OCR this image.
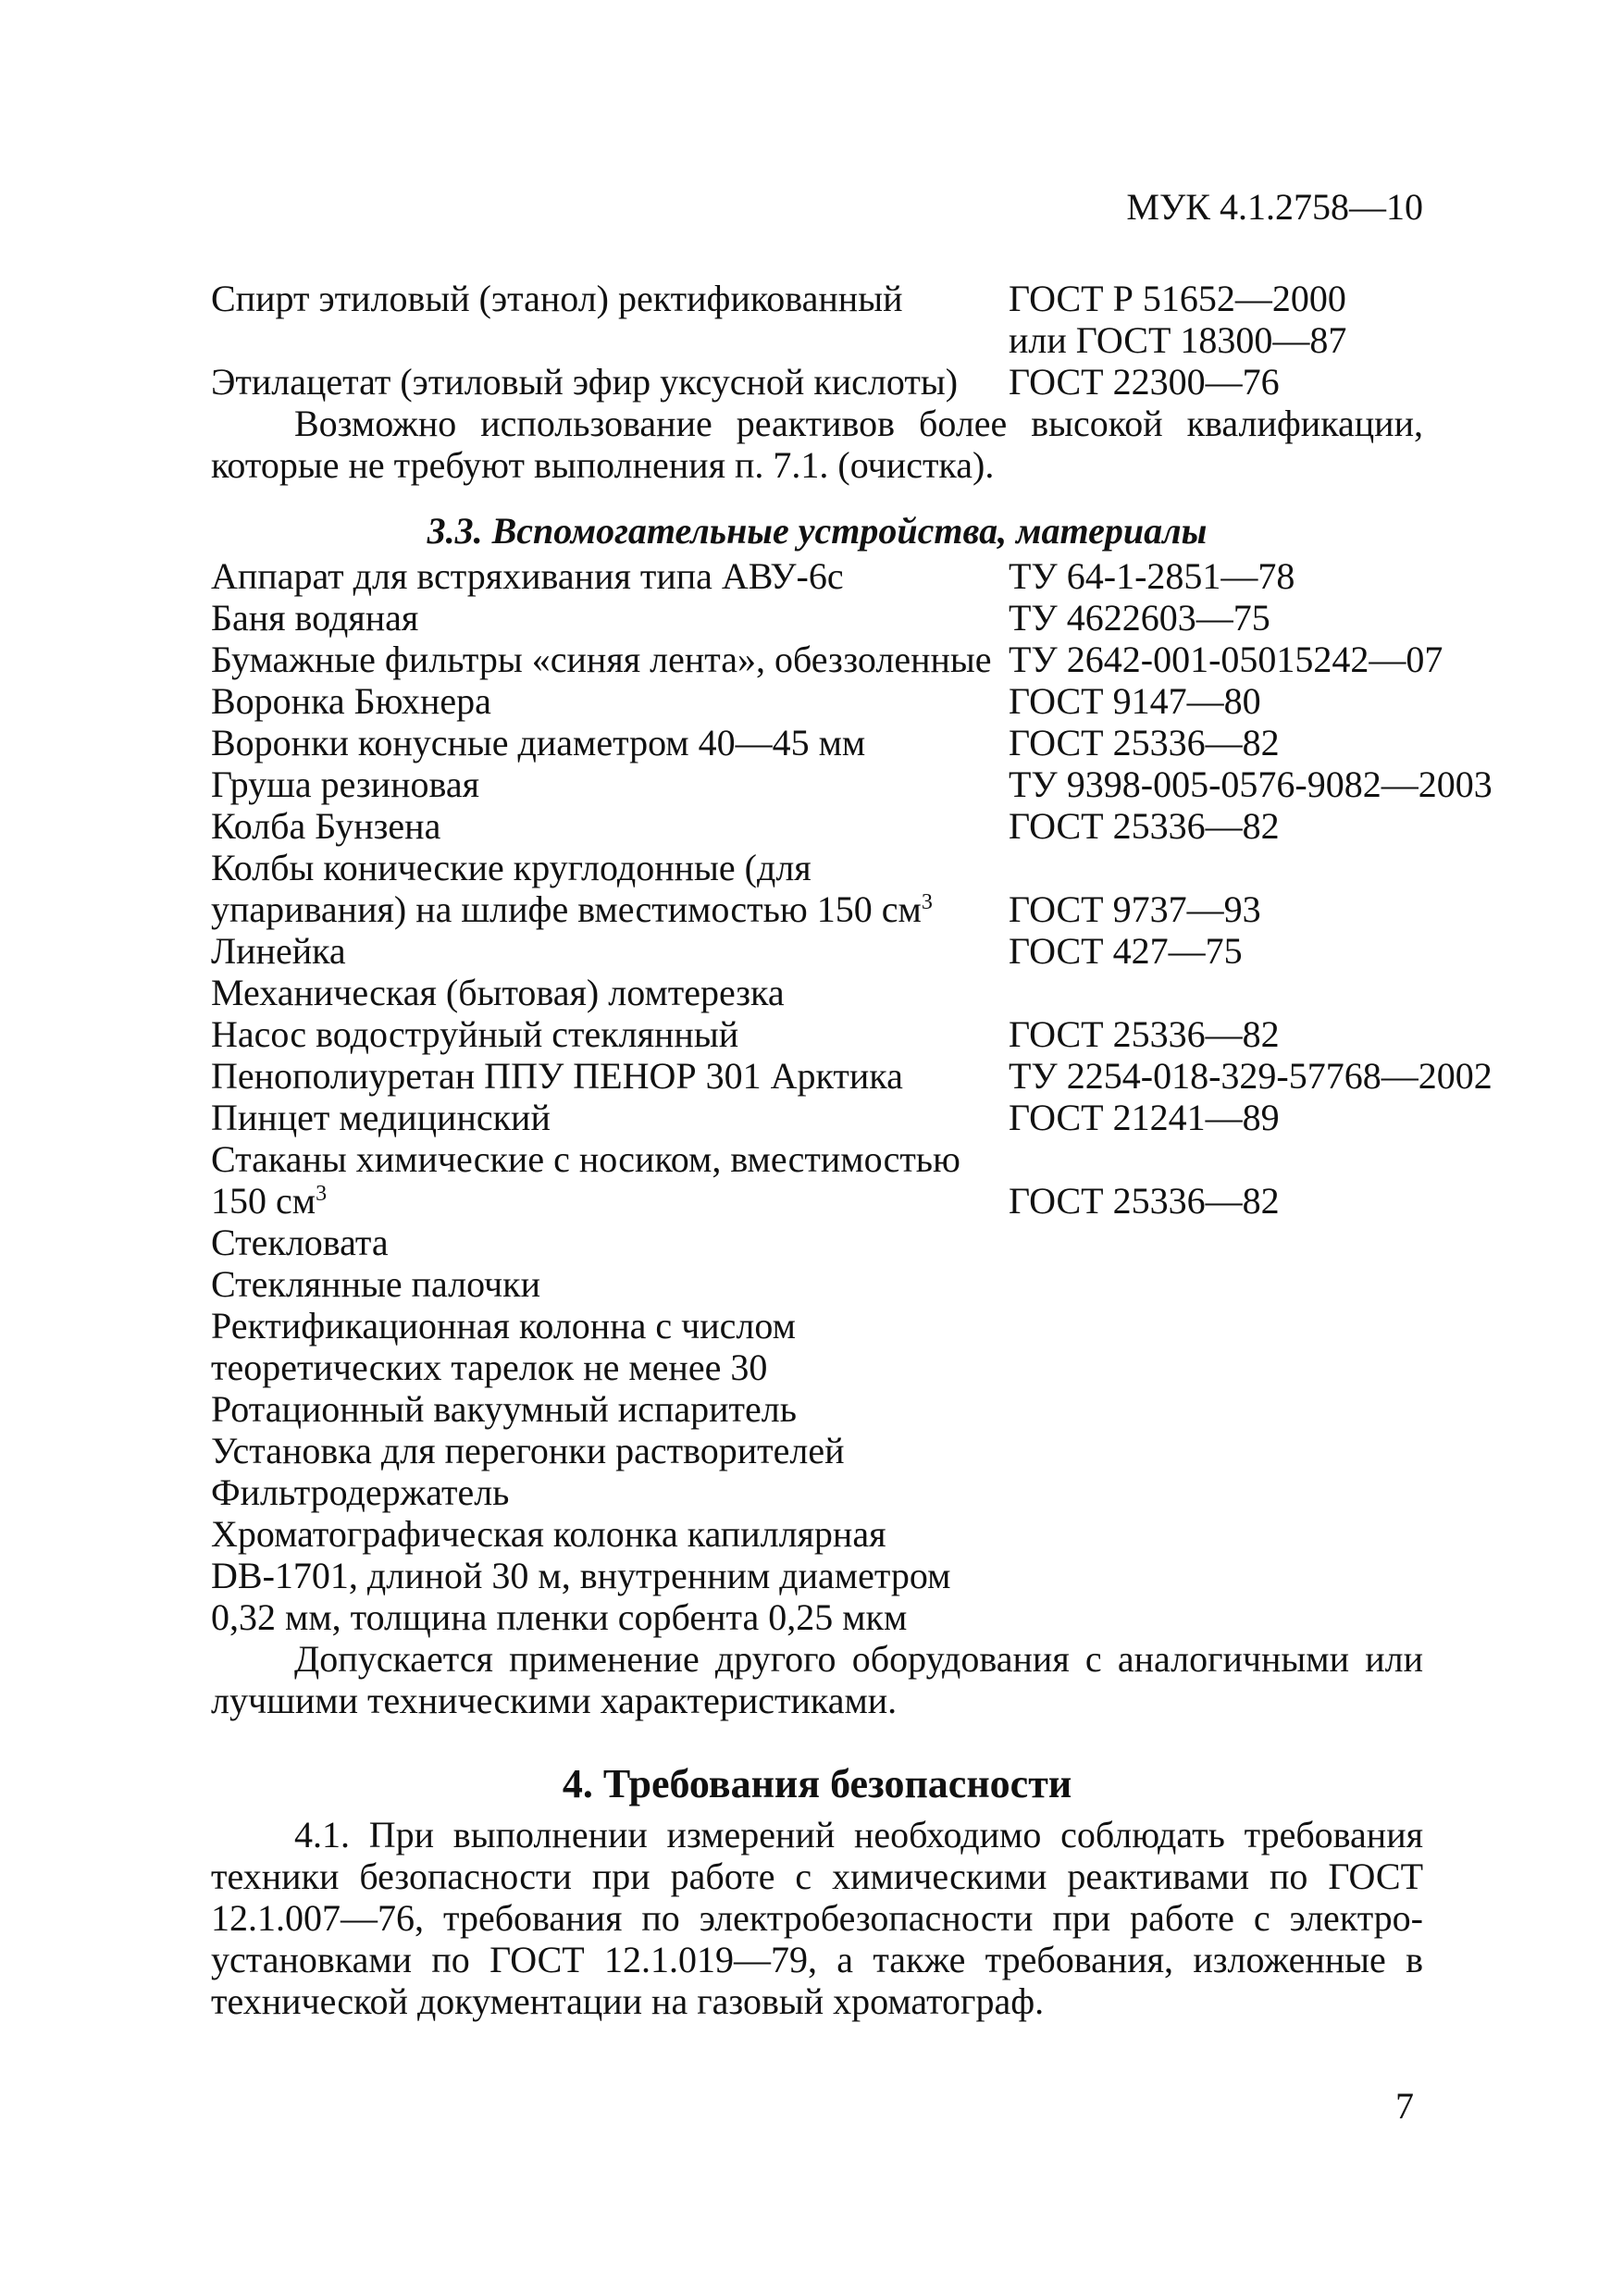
МУК 4.1.2758—10
Спирт этиловый (этанол) ректификованный	ГОСТ Р 51652—2000
или ГОСТ 18300—87
Этилацетат (этиловый эфир уксусной кислоты) ГОСТ 22300—76

Возможно использование реактивов более высокой квалификации, которые не требуют выполнения п. 7.1. (очистка).

3.3. Вспомогательные устройства, материалы
Аппарат для встряхивания типа АВУ-6с	ТУ 64-1-2851—78
Баня водяная	ТУ 4622603—75
Бумажные фильтры «синяя лента», обеззоленные ТУ 2642-001-05015242—07
Воронка Бюхнера	ГОСТ 9147—80
Воронки конусные диаметром 40—45 мм	ГОСТ 25336—82
Груша резиновая	ТУ 9398-005-0576-9082—2003
Колба Бунзена	ГОСТ 25336—82
Колбы конические круглодонные (для
упаривания) на шлифе вместимостью 150 $см^3$ ГОСТ 9737—93
Линейка	ГОСТ 427—75
Механическая (бытовая) ломтерезка
Насос водоструйный стеклянный	ГОСТ 25336—82
Пенополиуретан ППУ ПЕНОР 301 Арктика	ТУ 2254-018-329-57768—2002
Пинцет медицинский	ГОСТ 21241—89
Стаканы химические с носиком, вместимостью
150 $см^3$	ГОСТ 25336—82
Стекловата
Стеклянные палочки
Ректификационная колонна с числом
теоретических тарелок не менее 30
Ротационный вакуумный испаритель
Установка для перегонки растворителей
Фильтродержатель
Хроматографическая колонка капиллярная
DB-1701, длиной 30 м, внутренним диаметром
0,32 мм, толщина пленки сорбента 0,25 мкм

Допускается применение другого оборудования с аналогичными или лучшими техническими характеристиками.

4. Требования безопасности

4.1. При выполнении измерений необходимо соблюдать требования техники безопасности при работе с химическими реактивами по ГОСТ 12.1.007—76, требования по электробезопасности при работе с электроустановками по ГОСТ 12.1.019—79, а также требования, изложенные в технической документации на газовый хроматограф.

7
